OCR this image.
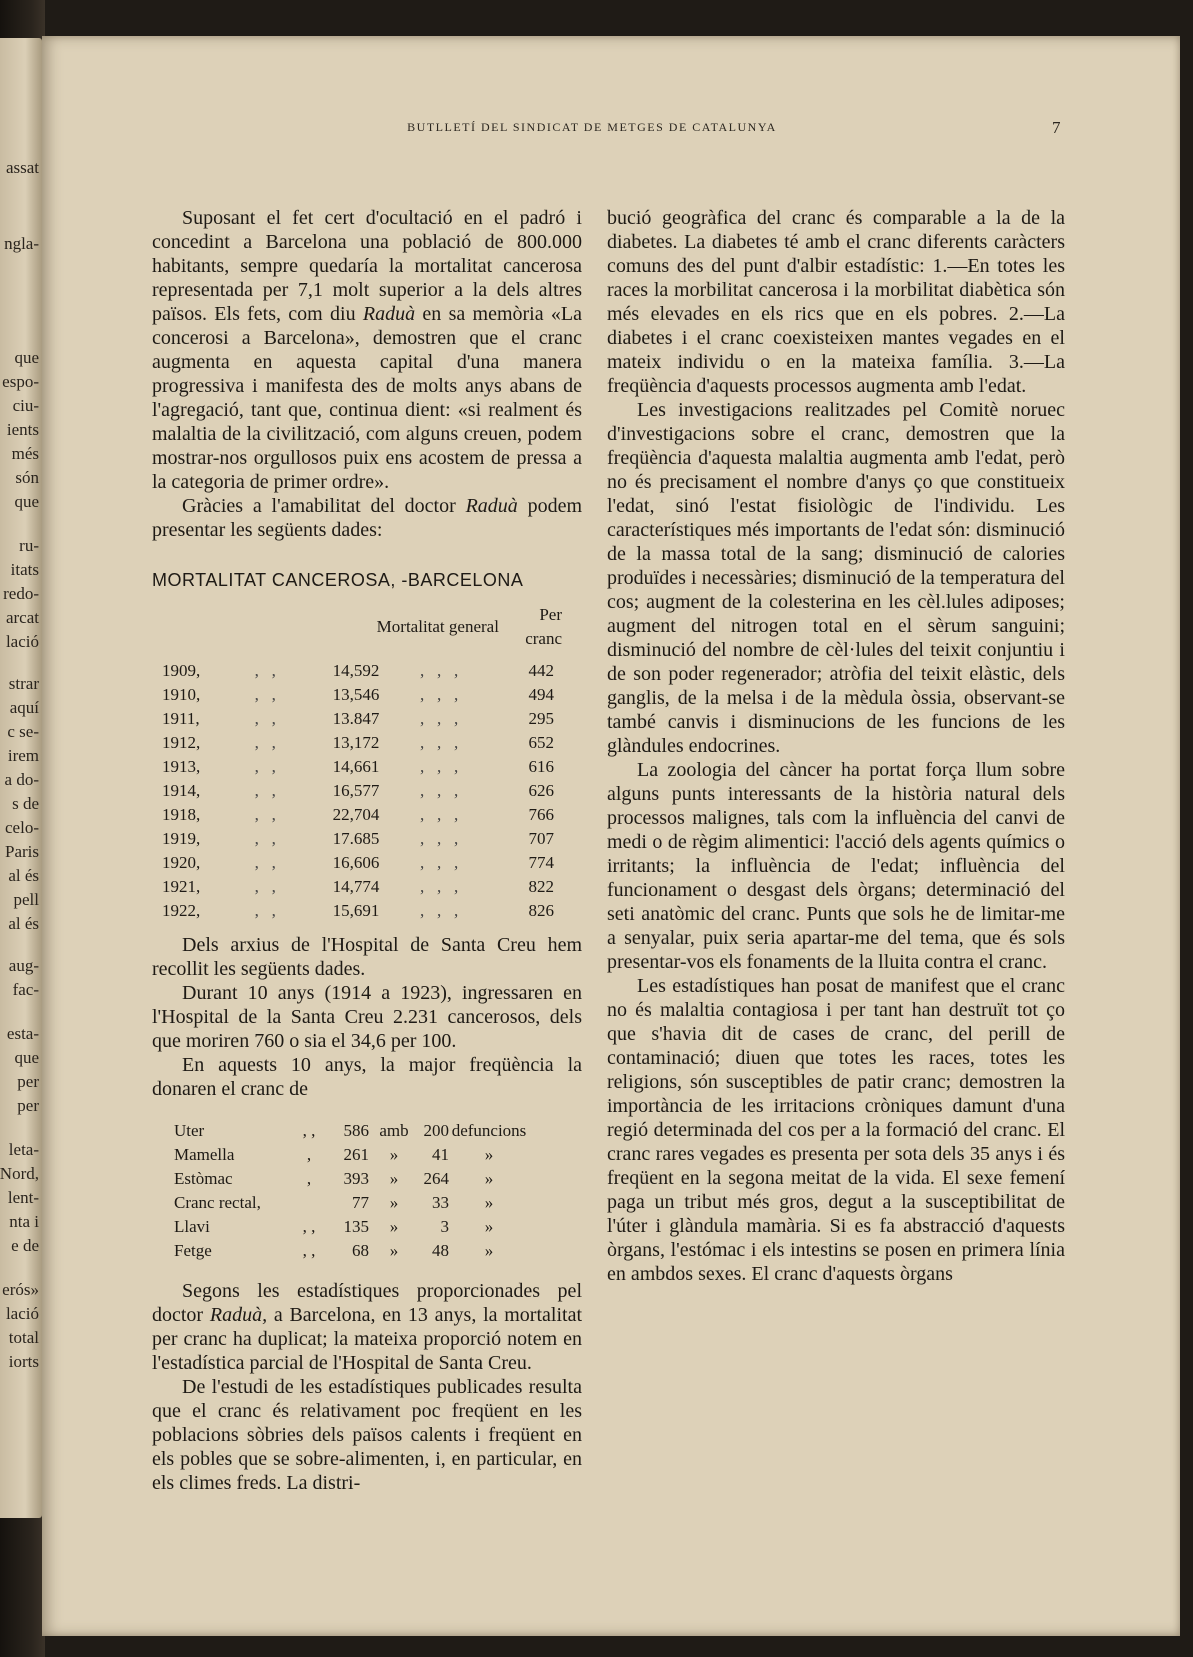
assat
ngla-
que
espo-
ciu-
ients
més
són
que
ru-
itats
redo-
arcat
lació
strar
aquí
c se-
irem
a do-
s de
celo-
Paris
al és
pell
al és
aug-
fac-
esta-
que
per
per
leta-
Nord,
lent-
nta i
e de
erós»
lació
total
iorts
BUTLLETÍ DEL SINDICAT DE METGES DE CATALUNYA	7

Suposant el fet cert d'ocultació en el padró i concedint a Barcelona una població de 800.000 habitants, sempre quedaría la mortalitat cancerosa representada per 7,1 molt superior a la dels altres països. Els fets, com diu Raduà en sa memòria «La concerosi a Barcelona», demostren que el cranc augmenta en aquesta capital d'una manera progressiva i manifesta des de molts anys abans de l'agregació, tant que, continua dient: «si realment és malaltia de la civilització, com alguns creuen, podem mostrar-nos orgullosos puix ens acostem de pressa a la categoria de primer ordre».

Gràcies a l'amabilitat del doctor Raduà podem presentar les següents dades:

MORTALITAT CANCEROSA, -BARCELONA
		Mortalitat general		Per cranc
1909,	,   ,	14,592	,   ,   ,	442
1910,	,   ,	13,546	,   ,   ,	494
1911,	,   ,	13.847	,   ,   ,	295
1912,	,   ,	13,172	,   ,   ,	652
1913,	,   ,	14,661	,   ,   ,	616
1914,	,   ,	16,577	,   ,   ,	626
1918,	,   ,	22,704	,   ,   ,	766
1919,	,   ,	17.685	,   ,   ,	707
1920,	,   ,	16,606	,   ,   ,	774
1921,	,   ,	14,774	,   ,   ,	822
1922,	,   ,	15,691	,   ,   ,	826

Dels arxius de l'Hospital de Santa Creu hem recollit les següents dades.

Durant 10 anys (1914 a 1923), ingressaren en l'Hospital de la Santa Creu 2.231 cancerosos, dels que moriren 760 o sia el 34,6 per 100.

En aquests 10 anys, la major freqüència la donaren el cranc de

Uter	, ,	586	amb	200	defuncions
Mamella	,	261	»	41	»
Estòmac	,	393	»	264	»
Cranc rectal,		77	»	33	»
Llavi	, ,	135	»	3	»
Fetge	, ,	68	»	48	»

Segons les estadístiques proporcionades pel doctor Raduà, a Barcelona, en 13 anys, la mortalitat per cranc ha duplicat; la mateixa proporció notem en l'estadística parcial de l'Hospital de Santa Creu.

De l'estudi de les estadístiques publicades resulta que el cranc és relativament poc freqüent en les poblacions sòbries dels països calents i freqüent en els pobles que se sobre-alimenten, i, en particular, en els climes freds. La distri-

bució geogràfica del cranc és comparable a la de la diabetes. La diabetes té amb el cranc diferents caràcters comuns des del punt d'albir estadístic: 1.—En totes les races la morbilitat cancerosa i la morbilitat diabètica són més elevades en els rics que en els pobres. 2.—La diabetes i el cranc coexisteixen mantes vegades en el mateix individu o en la mateixa família. 3.—La freqüència d'aquests processos augmenta amb l'edat.

Les investigacions realitzades pel Comitè noruec d'investigacions sobre el cranc, demostren que la freqüència d'aquesta malaltia augmenta amb l'edat, però no és precisament el nombre d'anys ço que constitueix l'edat, sinó l'estat fisiològic de l'individu. Les característiques més importants de l'edat són: disminució de la massa total de la sang; disminució de calories produïdes i necessàries; disminució de la temperatura del cos; augment de la colesterina en les cèl.lules adiposes; augment del nitrogen total en el sèrum sanguini; disminució del nombre de cèl·lules del teixit conjuntiu i de son poder regenerador; atròfia del teixit elàstic, dels ganglis, de la melsa i de la mèdula òssia, observant-se també canvis i disminucions de les funcions de les glàndules endocrines.

La zoologia del càncer ha portat força llum sobre alguns punts interessants de la història natural dels processos malignes, tals com la influència del canvi de medi o de règim alimentici: l'acció dels agents químics o irritants; la influència de l'edat; influència del funcionament o desgast dels òrgans; determinació del seti anatòmic del cranc. Punts que sols he de limitar-me a senyalar, puix seria apartar-me del tema, que és sols presentar-vos els fonaments de la lluita contra el cranc.

Les estadístiques han posat de manifest que el cranc no és malaltia contagiosa i per tant han destruït tot ço que s'havia dit de cases de cranc, del perill de contaminació; diuen que totes les races, totes les religions, són susceptibles de patir cranc; demostren la importància de les irritacions cròniques damunt d'una regió determinada del cos per a la formació del cranc. El cranc rares vegades es presenta per sota dels 35 anys i és freqüent en la segona meitat de la vida. El sexe femení paga un tribut més gros, degut a la susceptibilitat de l'úter i glàndula mamària. Si es fa abstracció d'aquests òrgans, l'estómac i els intestins se posen en primera línia en ambdos sexes. El cranc d'aquests òrgans
